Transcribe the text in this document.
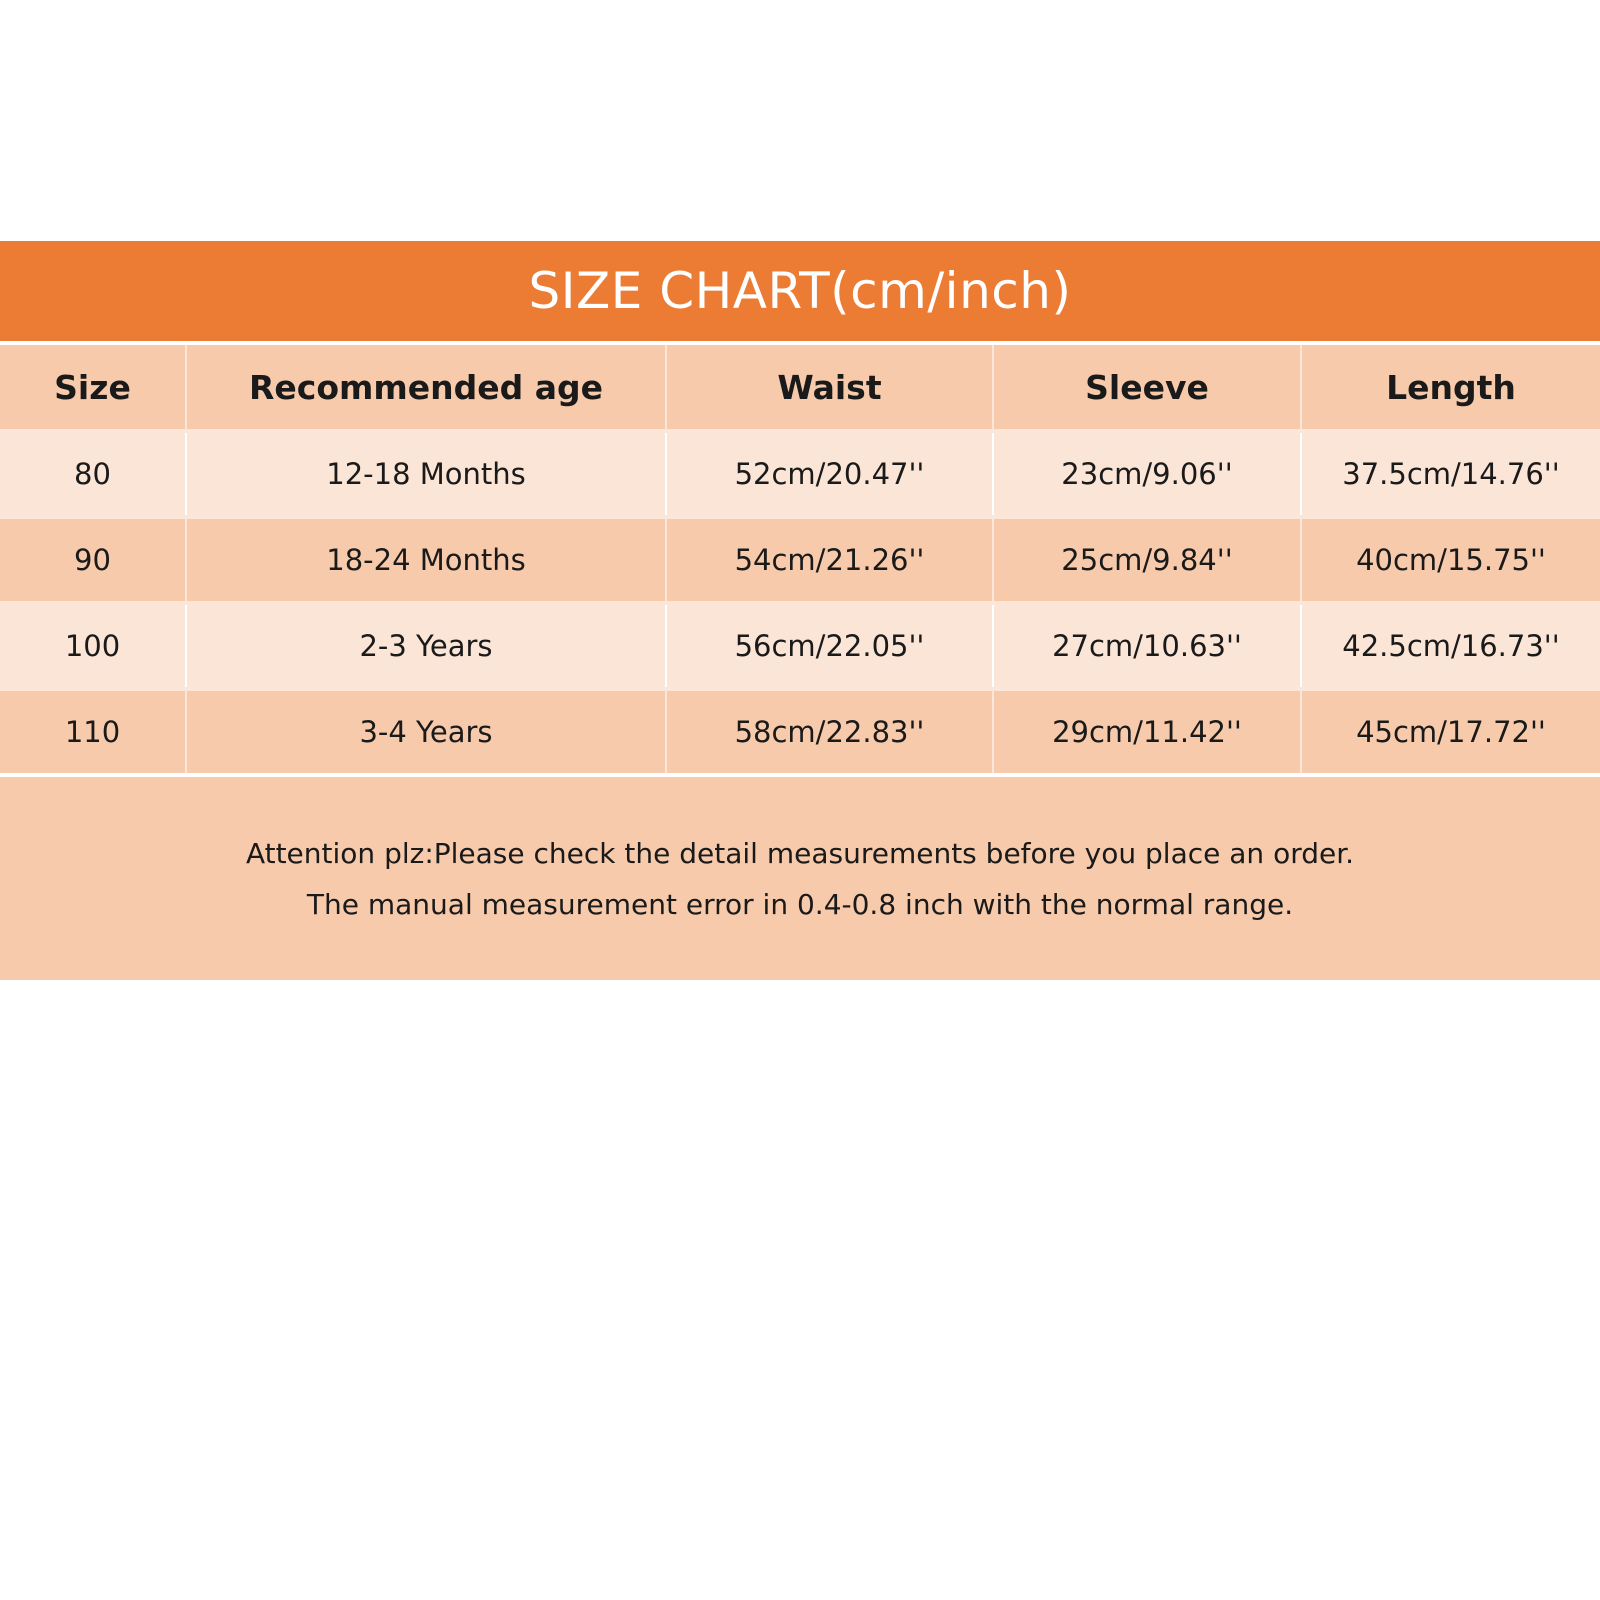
SIZE CHART(cm/inch)
Size	Recommended age	Waist	Sleeve	Length
80	12-18 Months	52cm/20.47''	23cm/9.06''	37.5cm/14.76''
90	18-24 Months	54cm/21.26''	25cm/9.84''	40cm/15.75''
100	2-3 Years	56cm/22.05''	27cm/10.63''	42.5cm/16.73''
110	3-4 Years	58cm/22.83''	29cm/11.42''	45cm/17.72''
Attention plz:Please check the detail measurements before you place an order.
The manual measurement error in 0.4-0.8 inch with the normal range.
